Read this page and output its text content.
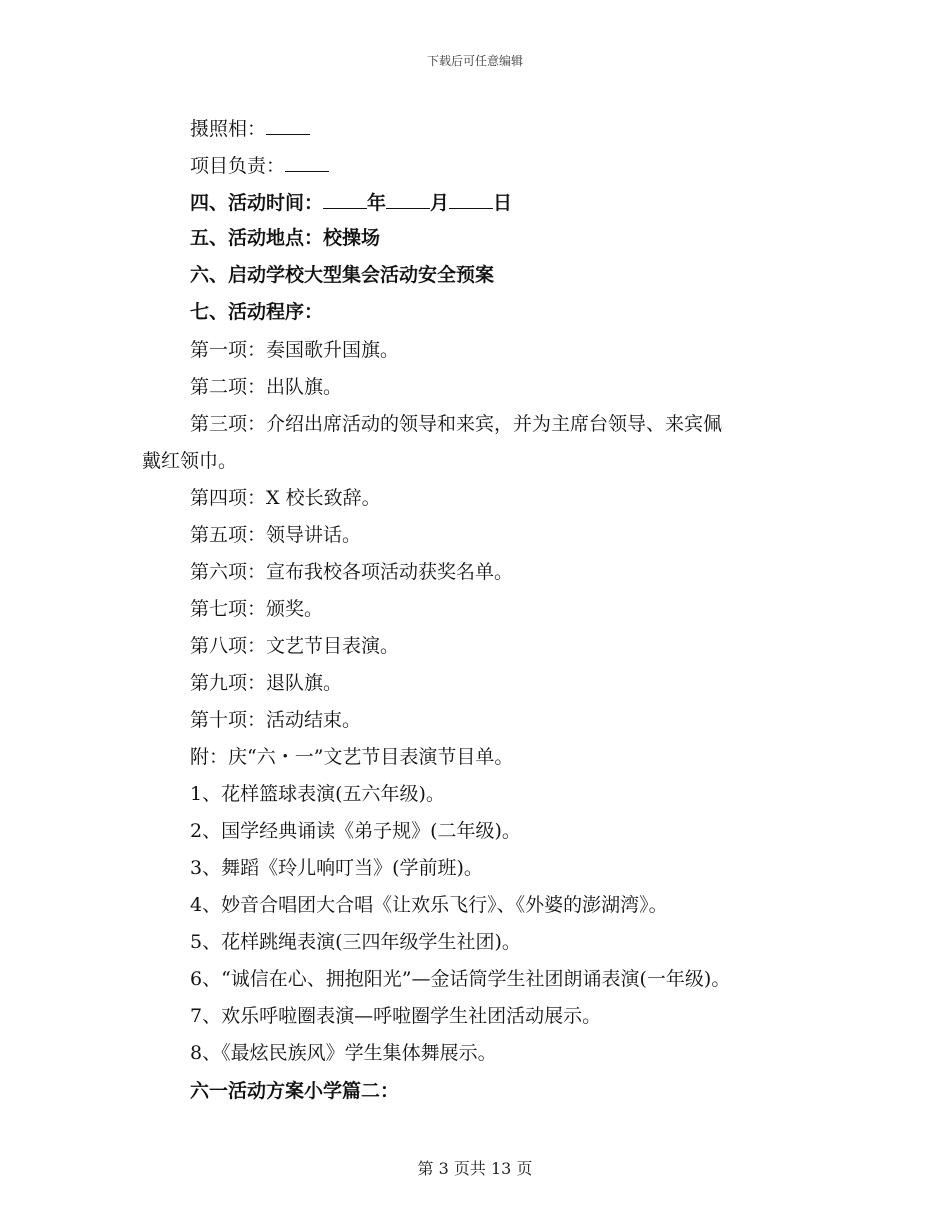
下载后可任意编辑
摄照相：
项目负责：
四、活动时间： 年 月 日
五、活动地点：校操场
六、启动学校大型集会活动安全预案
七、活动程序：
第一项：奏国歌升国旗。
第二项：出队旗。
第三项：介绍出席活动的领导和来宾，并为主席台领导、来宾佩
戴红领巾。
第四项：X 校长致辞。
第五项：领导讲话。
第六项：宣布我校各项活动获奖名单。
第七项：颁奖。
第八项：文艺节目表演。
第九项：退队旗。
第十项：活动结束。
附：庆“六・一”文艺节目表演节目单。
1、花样篮球表演(五六年级)。
2、国学经典诵读《弟子规》(二年级)。
3、舞蹈《玲儿响叮当》(学前班)。
4、妙音合唱团大合唱《让欢乐飞行》、《外婆的澎湖湾》。
5、花样跳绳表演(三四年级学生社团)。
6、“诚信在心、拥抱阳光”—金话筒学生社团朗诵表演(一年级)。
7、欢乐呼啦圈表演—呼啦圈学生社团活动展示。
8、《最炫民族风》学生集体舞展示。
六一活动方案小学篇二：
第 3 页共 13 页
